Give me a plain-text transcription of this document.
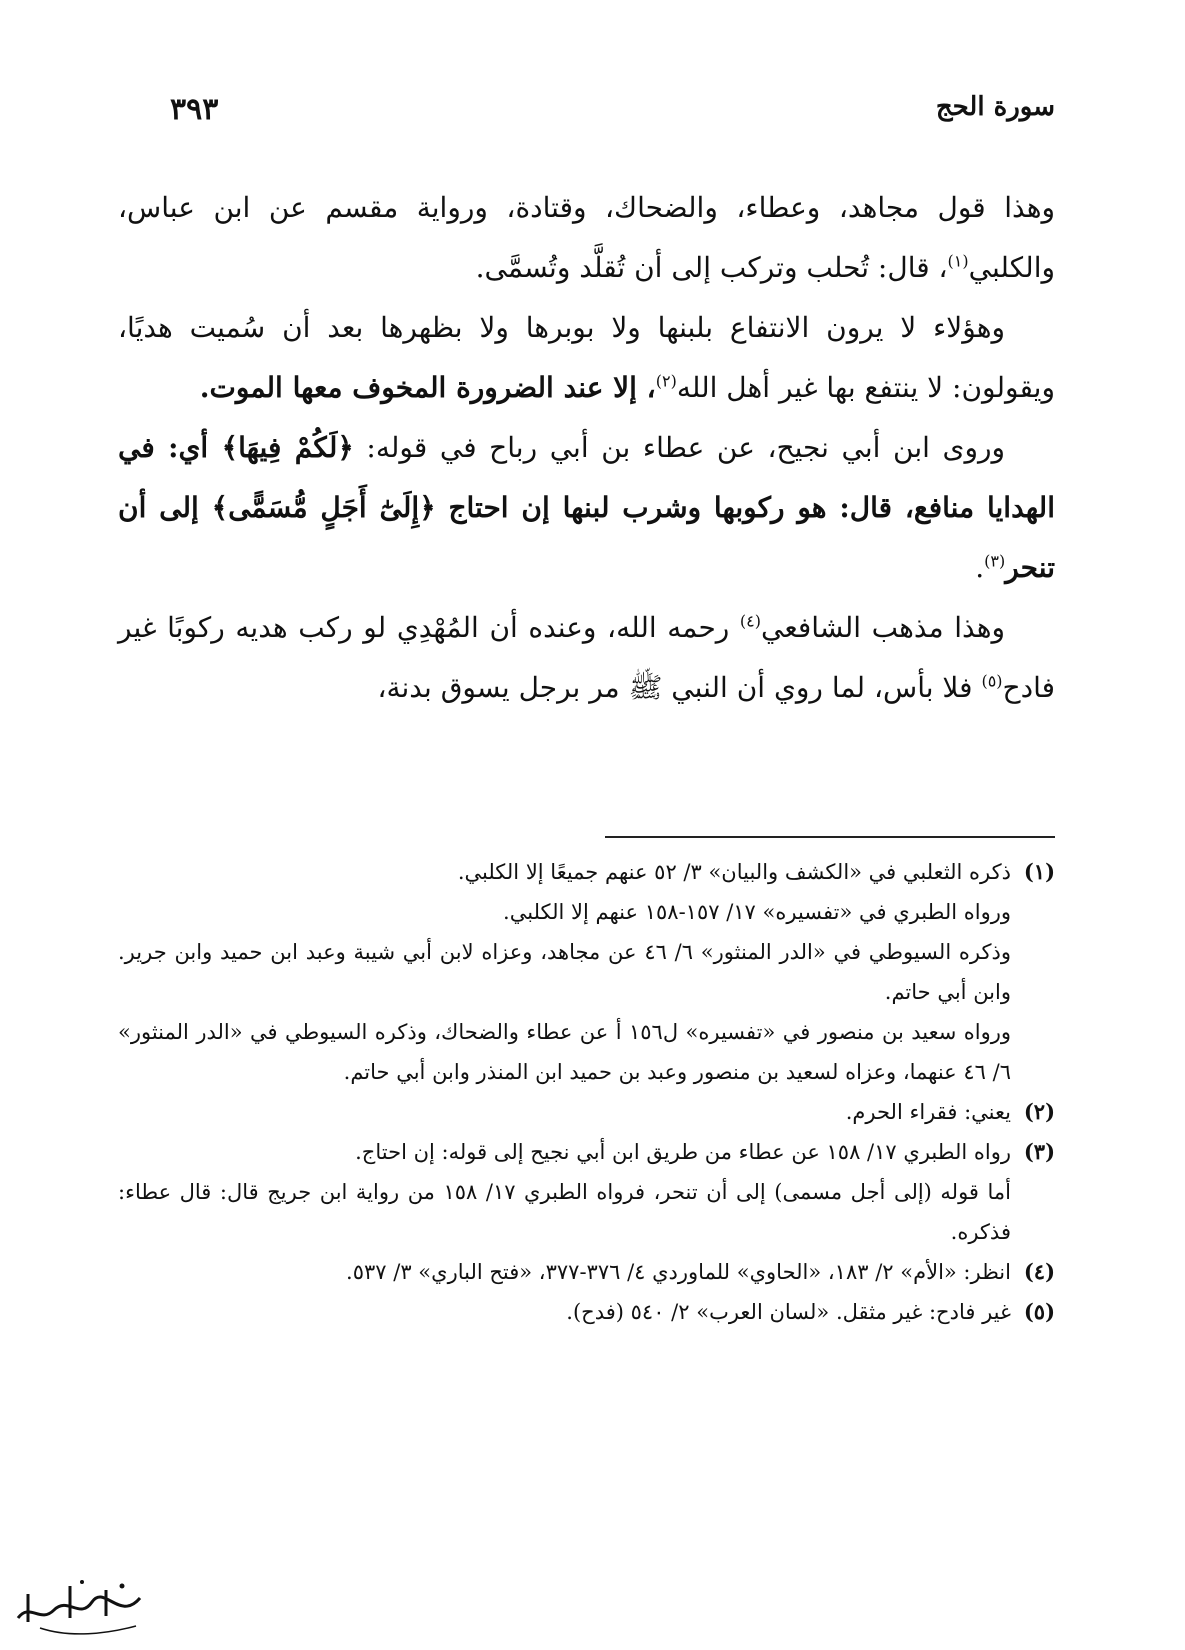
سورة الحج
٣٩٣

وهذا قول مجاهد، وعطاء، والضحاك، وقتادة، ورواية مقسم عن ابن عباس، والكلبي$^{(١)}$، قال: تُحلب وتركب إلى أن تُقلَّد وتُسمَّى.

وهؤلاء لا يرون الانتفاع بلبنها ولا بوبرها ولا بظهرها بعد أن سُميت هديًا، ويقولون: لا ينتفع بها غير أهل الله$^{(٢)}$، إلا عند الضرورة المخوف معها الموت.

وروى ابن أبي نجيح، عن عطاء بن أبي رباح في قوله: ﴿لَكُمْ فِيهَا﴾ أي: في الهدايا منافع، قال: هو ركوبها وشرب لبنها إن احتاج ﴿إِلَىٰٓ أَجَلٍ مُّسَمًّى﴾ إلى أن تنحر$^{(٣)}$.

وهذا مذهب الشافعي$^{(٤)}$ رحمه الله، وعنده أن المُهْدِي لو ركب هديه ركوبًا غير فادح$^{(٥)}$ فلا بأس، لما روي أن النبي ﷺ مر برجل يسوق بدنة،

(١)

ذكره الثعلبي في «الكشف والبيان» ٣/ ٥٢ عنهم جميعًا إلا الكلبي.

ورواه الطبري في «تفسيره» ١٧/ ١٥٧-١٥٨ عنهم إلا الكلبي.

وذكره السيوطي في «الدر المنثور» ٦/ ٤٦ عن مجاهد، وعزاه لابن أبي شيبة وعبد ابن حميد وابن جرير. وابن أبي حاتم.

ورواه سعيد بن منصور في «تفسيره» ل١٥٦ أ عن عطاء والضحاك، وذكره السيوطي في «الدر المنثور» ٦/ ٤٦ عنهما، وعزاه لسعيد بن منصور وعبد بن حميد ابن المنذر وابن أبي حاتم.

(٢)

يعني: فقراء الحرم.

(٣)

رواه الطبري ١٧/ ١٥٨ عن عطاء من طريق ابن أبي نجيح إلى قوله: إن احتاج.

أما قوله (إلى أجل مسمى) إلى أن تنحر، فرواه الطبري ١٧/ ١٥٨ من رواية ابن جريج قال: قال عطاء: فذكره.

(٤)

انظر: «الأم» ٢/ ١٨٣، «الحاوي» للماوردي ٤/ ٣٧٦-٣٧٧، «فتح الباري» ٣/ ٥٣٧.

(٥)

غير فادح: غير مثقل. «لسان العرب» ٢/ ٥٤٠ (فدح).
